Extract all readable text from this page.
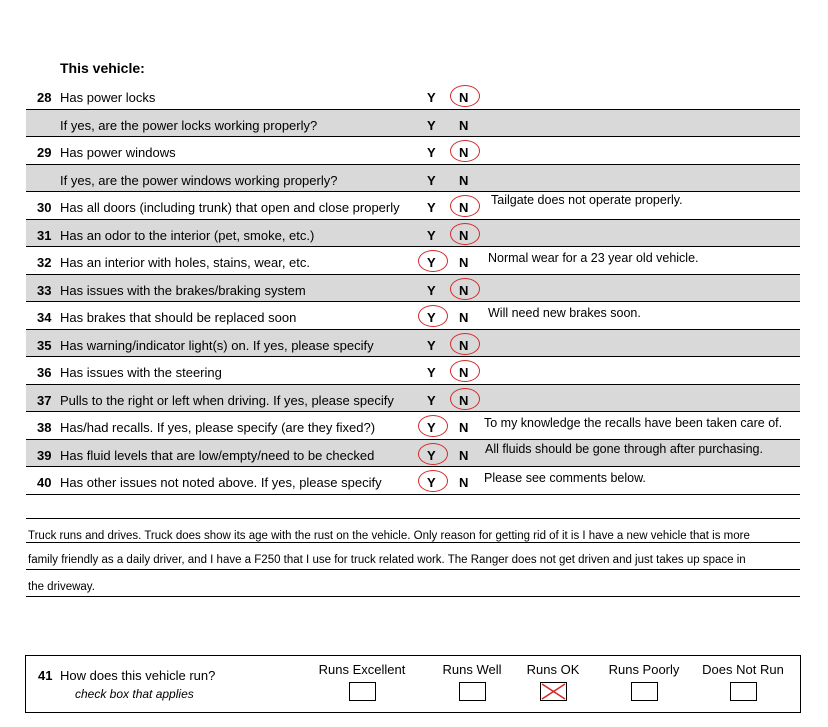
This vehicle:
28 Has power locks	Y N
If yes, are the power locks working properly?	Y N
29 Has power windows	Y N
If yes, are the power windows working properly?	Y N
30 Has all doors (including trunk) that open and close properly Y N Tailgate does not operate properly.
31 Has an odor to the interior (pet, smoke, etc.)	Y N
32 Has an interior with holes, stains, wear, etc.	Y N Normal wear for a 23 year old vehicle.
33 Has issues with the brakes/braking system	Y N
34 Has brakes that should be replaced soon	Y N Will need new brakes soon.
35 Has warning/indicator light(s) on. If yes, please specify	Y N
36 Has issues with the steering	Y N
37 Pulls to the right or left when driving. If yes, please specify	Y N
38 Has/had recalls. If yes, please specify (are they fixed?)	Y N To my knowledge the recalls have been taken care of.
39 Has fluid levels that are low/empty/need to be checked	Y N All fluids should be gone through after purchasing.
40 Has other issues not noted above. If yes, please specify	Y N Please see comments below.
Truck runs and drives. Truck does show its age with the rust on the vehicle. Only reason for getting rid of it is I have a new vehicle that is more
family friendly as a daily driver, and I have a F250 that I use for truck related work. The Ranger does not get driven and just takes up space in
the driveway.
41 How does this vehicle run?
check box that applies
Runs Excellent	Runs Well Runs OK Runs Poorly Does Not Run
